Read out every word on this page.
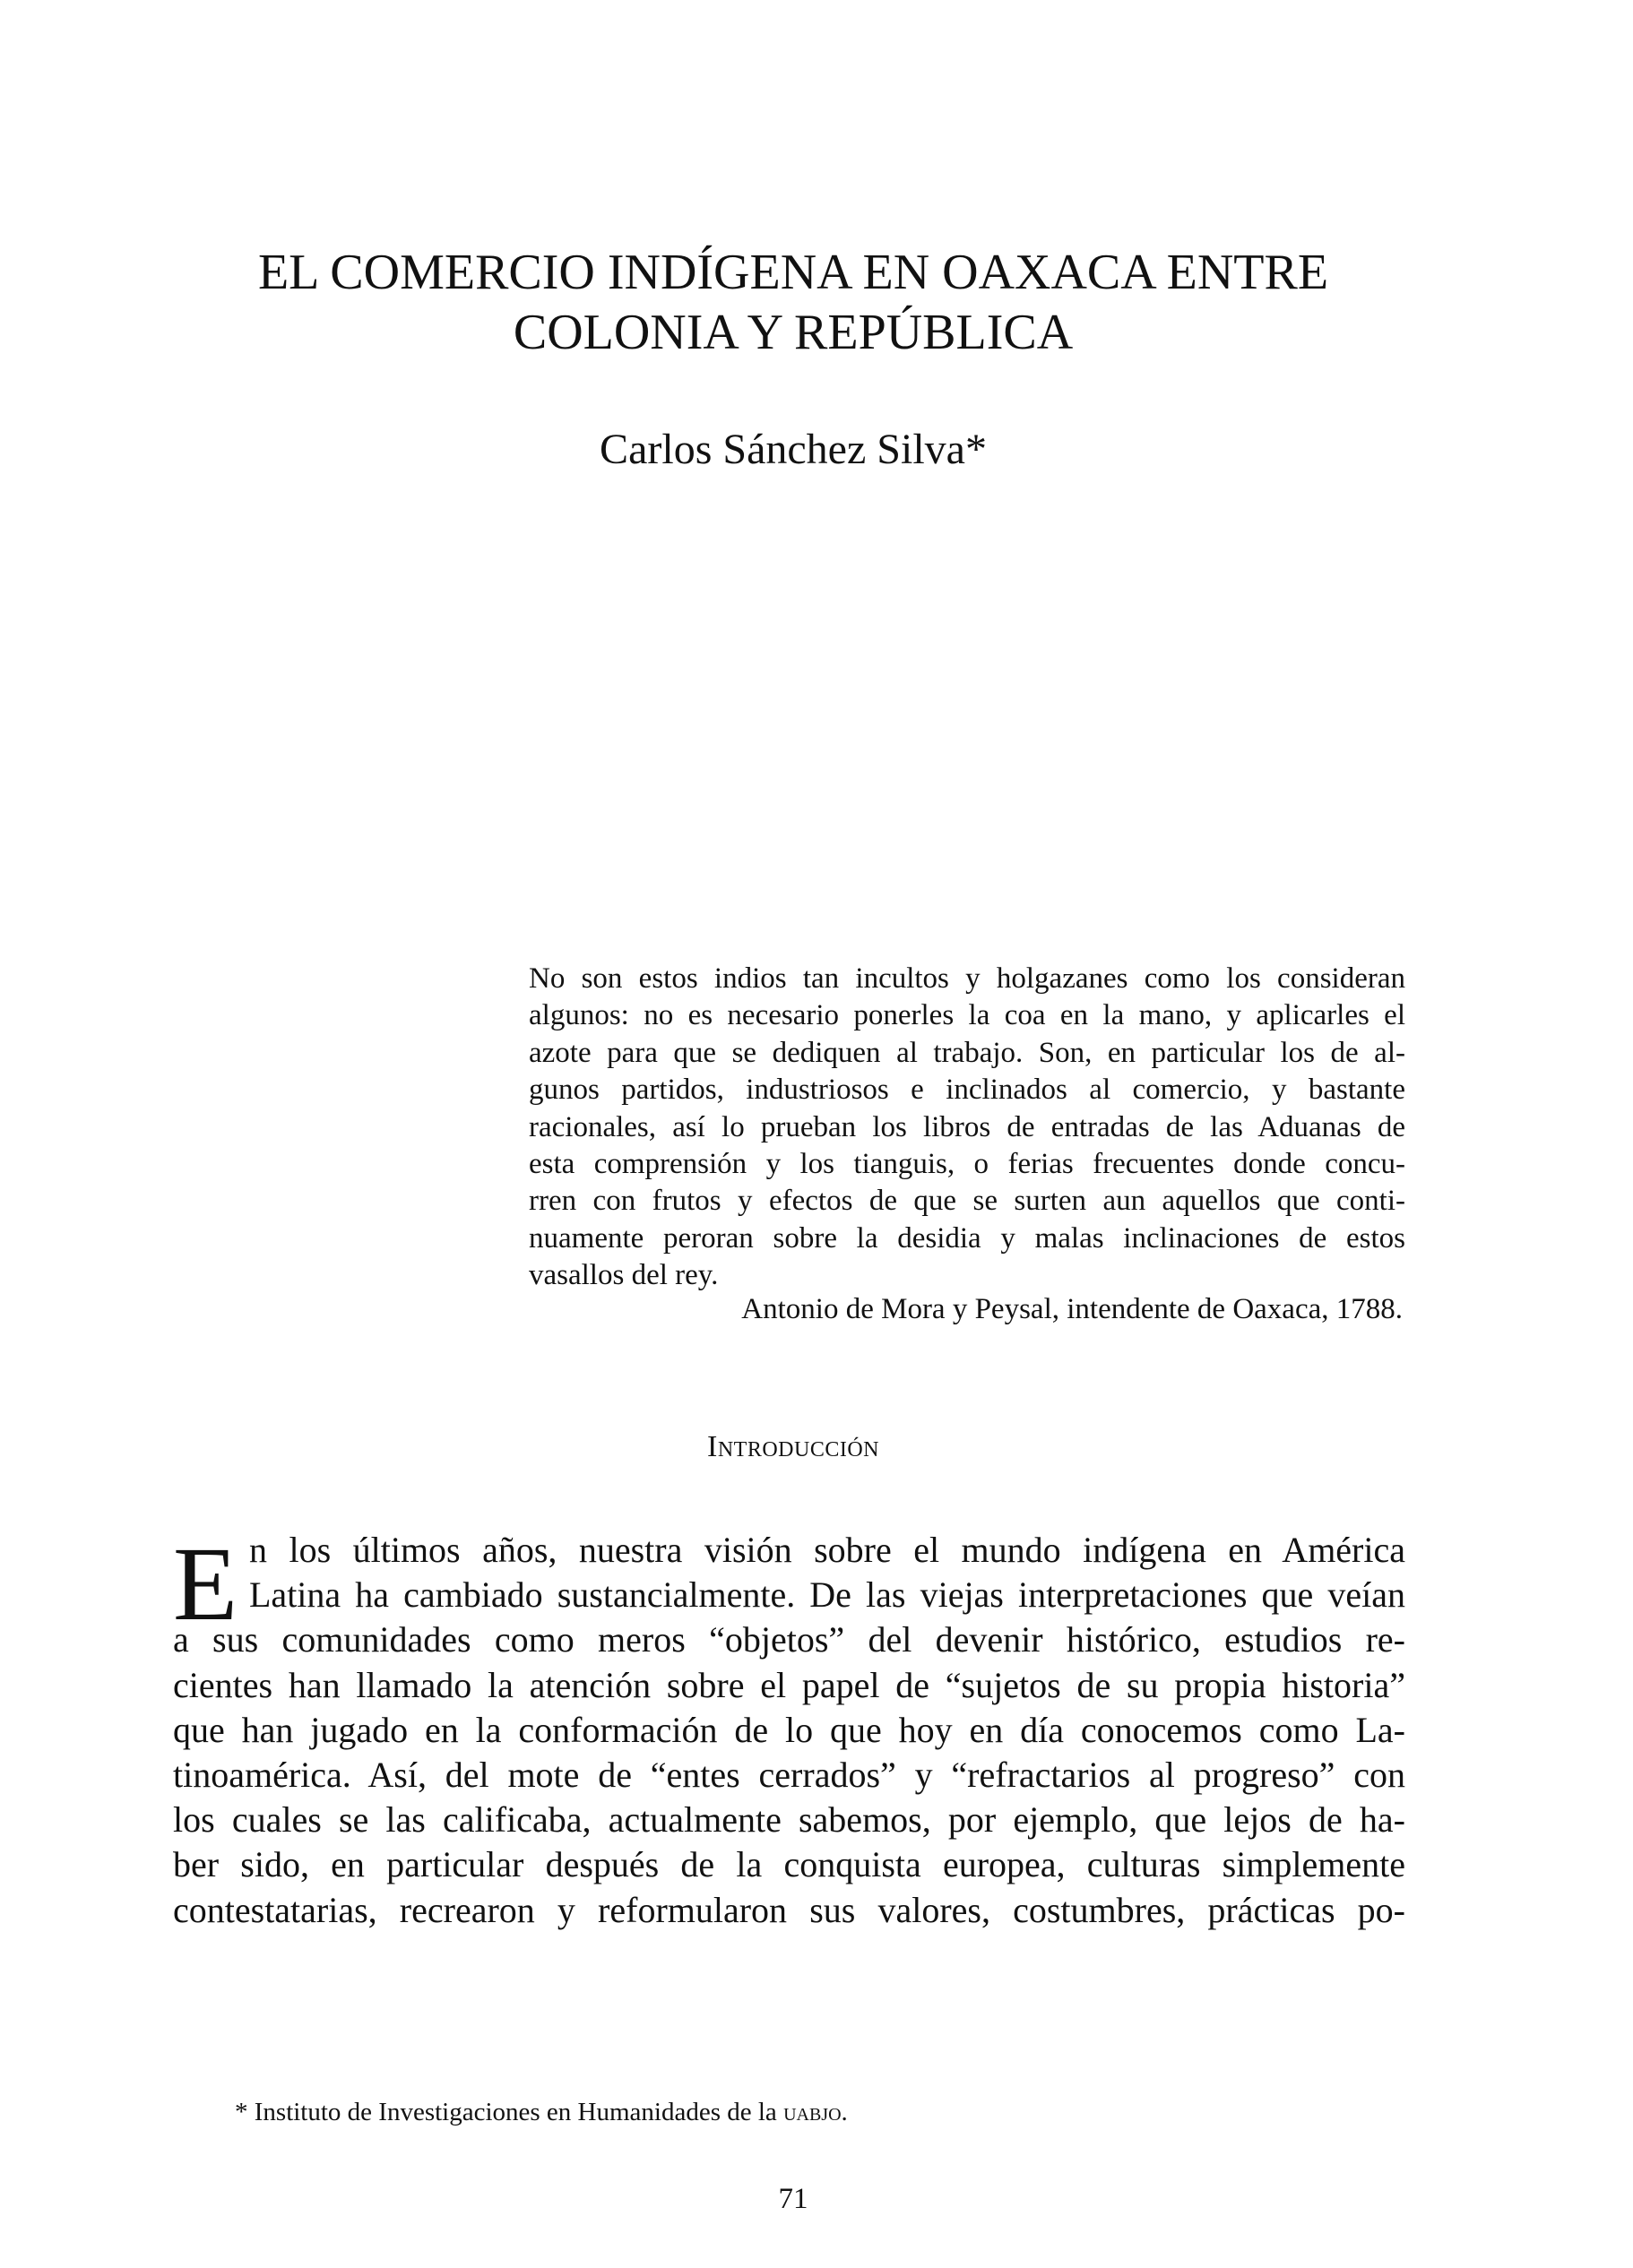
EL COMERCIO INDÍGENA EN OAXACA ENTRE
COLONIA Y REPÚBLICA

Carlos Sánchez Silva*

No son estos indios tan incultos y holgazanes como los consideran
algunos: no es necesario ponerles la coa en la mano, y aplicarles el
azote para que se dediquen al trabajo. Son, en particular los de al-
gunos partidos, industriosos e inclinados al comercio, y bastante
racionales, así lo prueban los libros de entradas de las Aduanas de
esta comprensión y los tianguis, o ferias frecuentes donde concu-
rren con frutos y efectos de que se surten aun aquellos que conti-
nuamente peroran sobre la desidia y malas inclinaciones de estos
vasallos del rey.

Antonio de Mora y Peysal, intendente de Oaxaca, 1788.

Introducción
E n los últimos años, nuestra visión sobre el mundo indígena en América
Latina ha cambiado sustancialmente. De las viejas interpretaciones que veían
a sus comunidades como meros “objetos” del devenir histórico, estudios re-
cientes han llamado la atención sobre el papel de “sujetos de su propia historia”
que han jugado en la conformación de lo que hoy en día conocemos como La-
tinoamérica. Así, del mote de “entes cerrados” y “refractarios al progreso” con
los cuales se las calificaba, actualmente sabemos, por ejemplo, que lejos de ha-
ber sido, en particular después de la conquista europea, culturas simplemente
contestatarias, recrearon y reformularon sus valores, costumbres, prácticas po-

* Instituto de Investigaciones en Humanidades de la uabjo.

71
